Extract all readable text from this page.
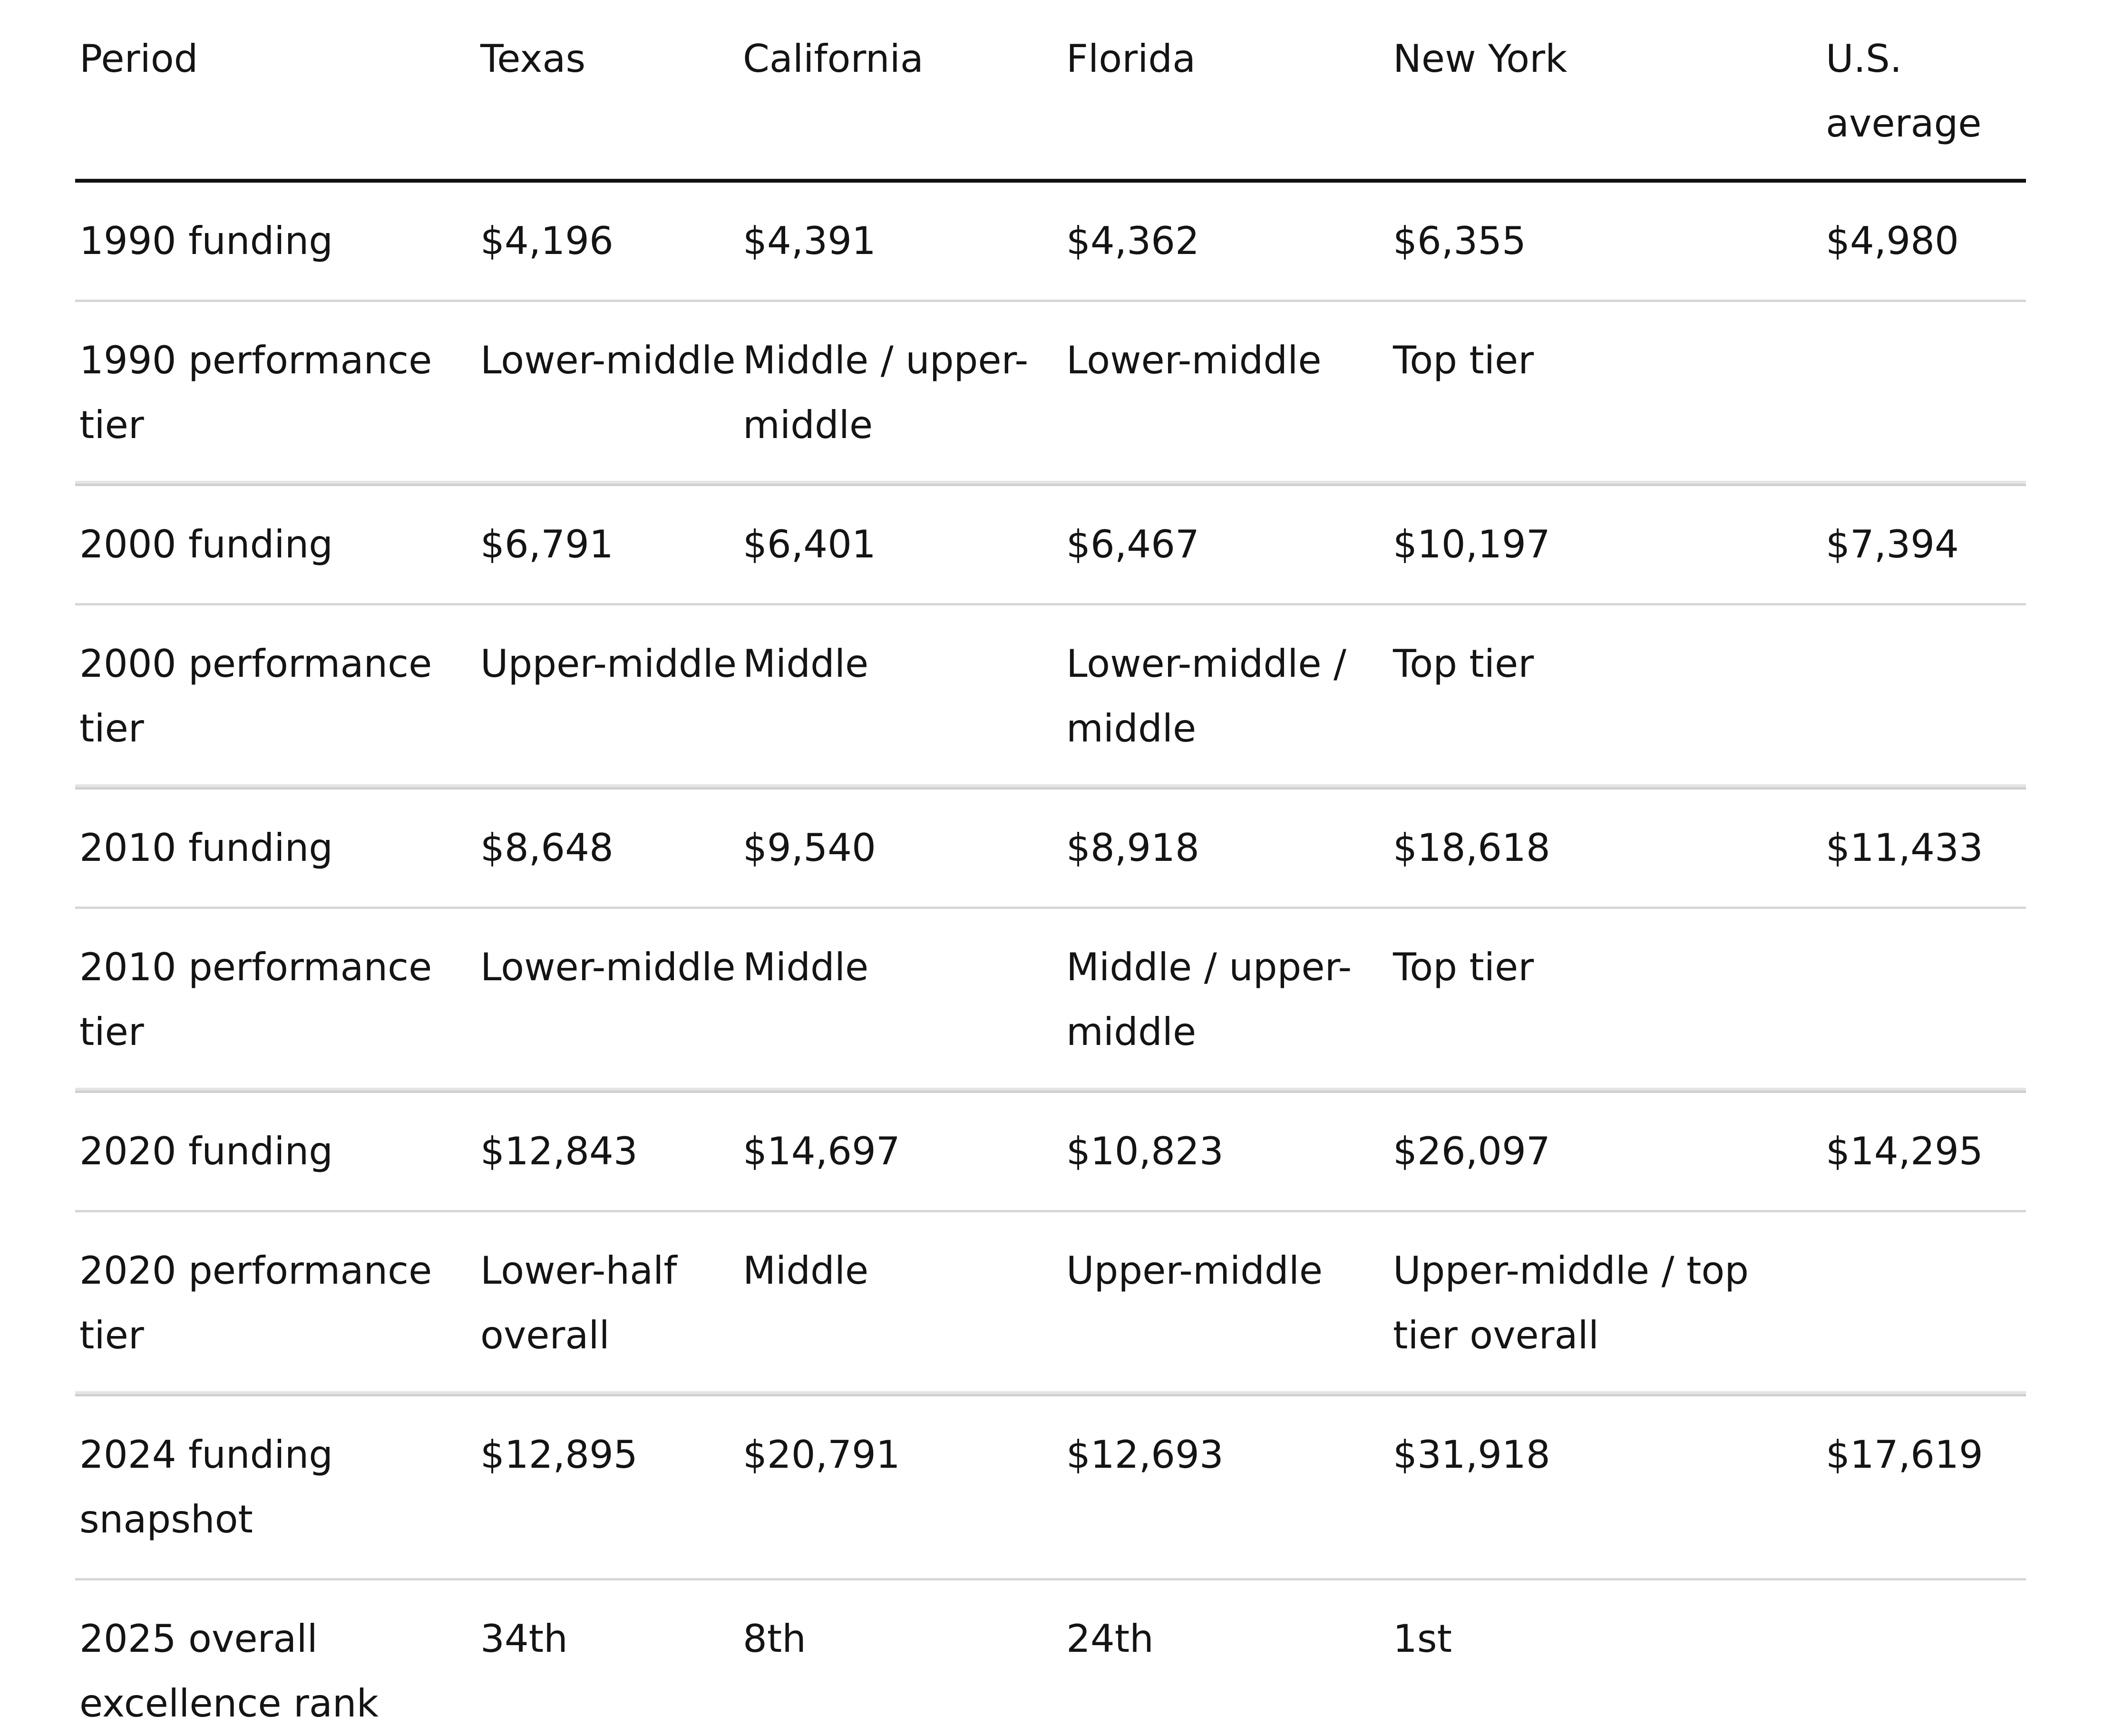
Period	Texas	California	Florida	New York	U.S. average
1990 funding	$4,196	$4,391	$4,362	$6,355	$4,980
1990 performance tier	Lower-middle	Middle / upper-middle	Lower-middle	Top tier	
2000 funding	$6,791	$6,401	$6,467	$10,197	$7,394
2000 performance tier	Upper-middle	Middle	Lower-middle / middle	Top tier	
2010 funding	$8,648	$9,540	$8,918	$18,618	$11,433
2010 performance tier	Lower-middle	Middle	Middle / upper-middle	Top tier	
2020 funding	$12,843	$14,697	$10,823	$26,097	$14,295
2020 performance tier	Lower-half overall	Middle	Upper-middle	Upper-middle / top tier overall	
2024 funding snapshot	$12,895	$20,791	$12,693	$31,918	$17,619
2025 overall excellence rank	34th	8th	24th	1st	
